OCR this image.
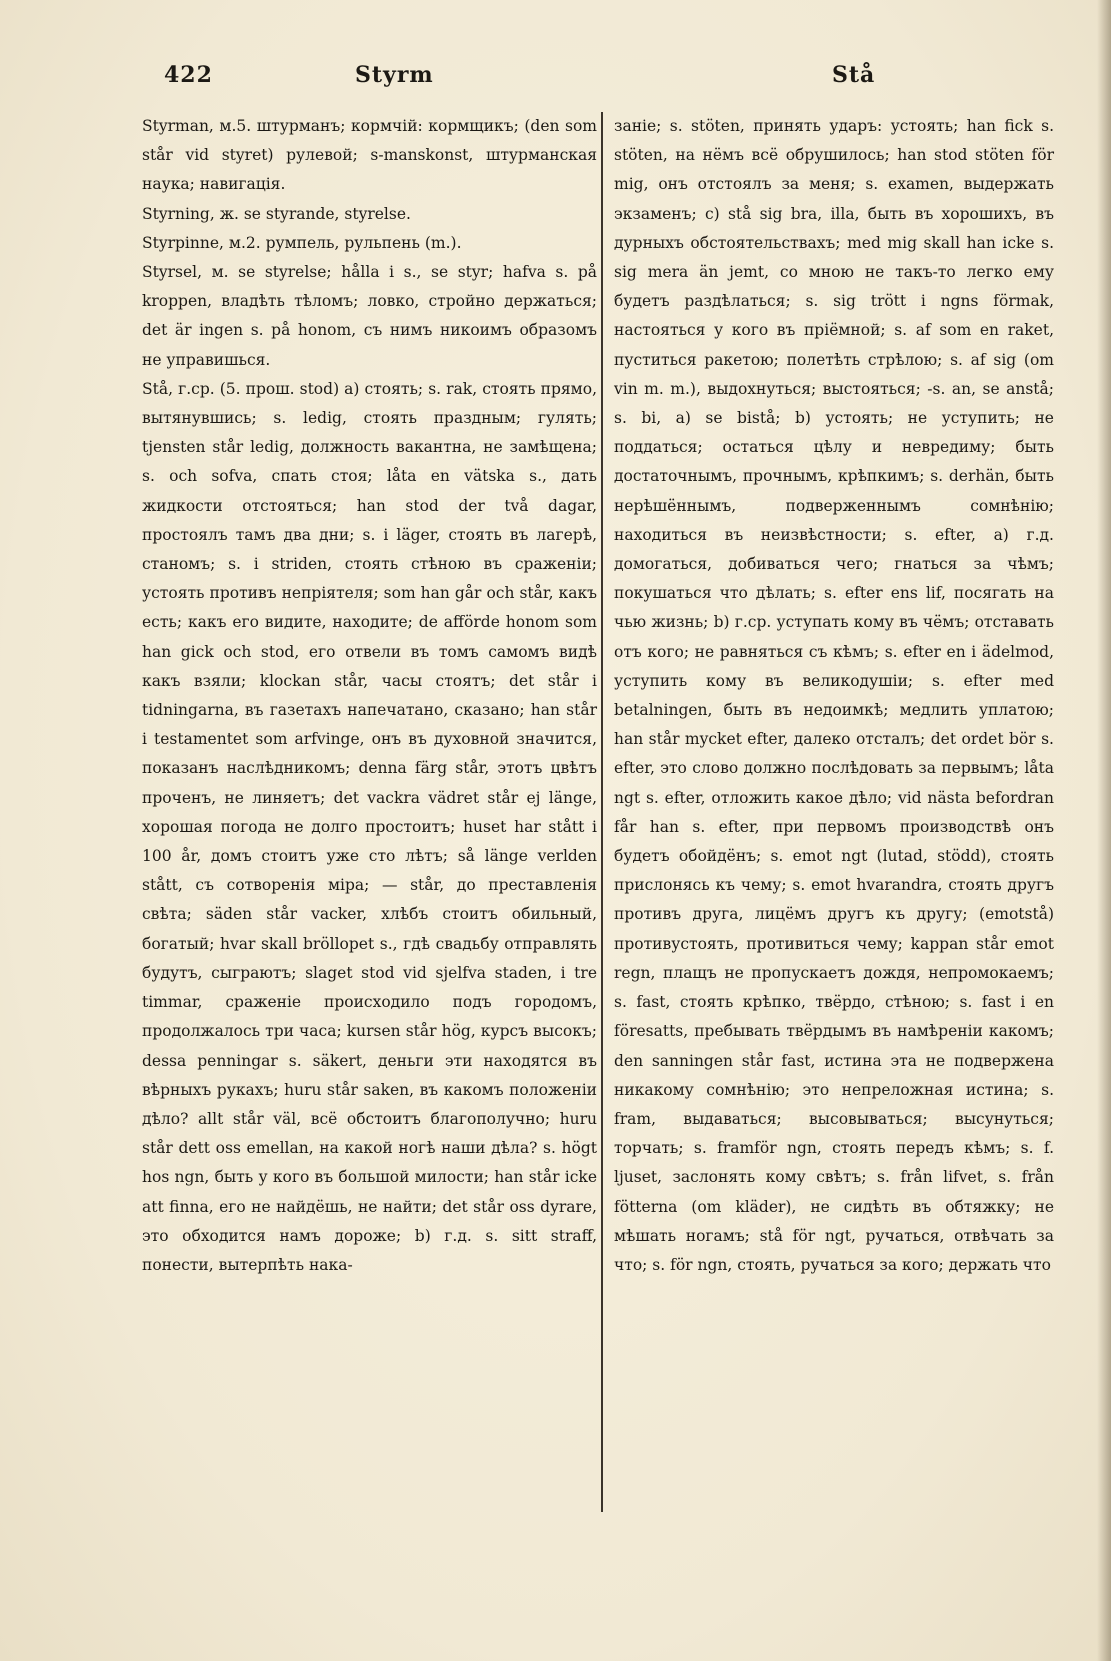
422	Styrm	Stå

Styrman, м.5. штурманъ; кормчій: кормщикъ; (den som står vid styret) рулевой; s-manskonst, штурманская наука; навигація.

Styrning, ж. se styrande, styrelse.

Styrpinne, м.2. румпель, рульпень (m.).

Styrsel, м. se styrelse; hålla i s., se styr; hafva s. på kroppen, владѣть тѣломъ; ловко, стройно держаться; det är ingen s. på honom, съ нимъ никоимъ образомъ не управишься.

Stå, г.ср. (5. прош. stod) a) стоять; s. rak, стоять прямо, вытянувшись; s. ledig, стоять праздным; гулять; tjensten står ledig, должность вакантна, не замѣщена; s. och sofva, спать стоя; låta en vätska s., дать жидкости отстояться; han stod der två dagar, простоялъ тамъ два дни; s. i läger, стоять въ лагерѣ, станомъ; s. i striden, стоять стѣною въ сраженіи; устоять противъ непріятеля; som han går och står, какъ есть; какъ его видите, находите; de afförde honom som han gick och stod, его отвели въ томъ самомъ видѣ какъ взяли; klockan står, часы стоятъ; det står i tidningarna, въ газетахъ напечатано, сказано; han står i testamentet som arfvinge, онъ въ духовной значится, показанъ наслѣдникомъ; denna färg står, этотъ цвѣтъ проченъ, не линяетъ; det vackra vädret står ej länge, хорошая погода не долго простоитъ; huset har stått i 100 år, домъ стоитъ уже сто лѣтъ; så länge verlden stått, съ сотворенія міра; — står, до преставленія свѣта; säden står vacker, хлѣбъ стоитъ обильный, богатый; hvar skall bröllopet s., гдѣ свадьбу отправлять будутъ, сыграютъ; slaget stod vid sjelfva staden, i tre timmar, сраженіе происходило подъ городомъ, продолжалось три часа; kursen står hög, курсъ высокъ; dessa penningar s. säkert, деньги эти находятся въ вѣрныхъ рукахъ; huru står saken, въ какомъ положеніи дѣло? allt står väl, всё обстоитъ благополучно; huru står dett oss emellan, на какой ногѣ наши дѣла? s. högt hos ngn, быть у кого въ большой милости; han står icke att finna, его не найдёшь, не найти; det står oss dyrare, это обходится намъ дороже; b) г.д. s. sitt straff, понести, вытерпѣть нака-

заніе; s. stöten, принять ударъ: устоять; han fick s. stöten, на нёмъ всё обрушилось; han stod stöten för mig, онъ отстоялъ за меня; s. examen, выдержать экзаменъ; c) stå sig bra, illa, быть въ хорошихъ, въ дурныхъ обстоятельствахъ; med mig skall han icke s. sig mera än jemt, со мною не такъ-то легко ему будетъ раздѣлаться; s. sig trött i ngns förmak, настояться у кого въ пріёмной; s. af som en raket, пуститься ракетою; полетѣть стрѣлою; s. af sig (om vin m. m.), выдохнуться; выстояться; -s. an, se anstå; s. bi, a) se bistå; b) устоять; не уступить; не поддаться; остаться цѣлу и невредиму; быть достаточнымъ, прочнымъ, крѣпкимъ; s. derhän, быть нерѣшённымъ, подверженнымъ сомнѣнію; находиться въ неизвѣстности; s. efter, a) г.д. домогаться, добиваться чего; гнаться за чѣмъ; покушаться что дѣлать; s. efter ens lif, посягать на чью жизнь; b) г.ср. уступать кому въ чёмъ; отставать отъ кого; не равняться съ кѣмъ; s. efter en i ädelmod, уступить кому въ великодушіи; s. efter med betalningen, быть въ недоимкѣ; медлить уплатою; han står mycket efter, далеко отсталъ; det ordet bör s. efter, это слово должно послѣдовать за первымъ; låta ngt s. efter, отложить какое дѣло; vid nästa befordran får han s. efter, при первомъ производствѣ онъ будетъ обойдёнъ; s. emot ngt (lutad, stödd), стоять прислонясь къ чему; s. emot hvarandra, стоять другъ противъ друга, лицёмъ другъ къ другу; (emotstå) противустоять, противиться чему; kappan står emot regn, плащъ не пропускаетъ дождя, непромокаемъ; s. fast, стоять крѣпко, твёрдо, стѣною; s. fast i en föresatts, пребывать твёрдымъ въ намѣреніи какомъ; den sanningen står fast, истина эта не подвержена никакому сомнѣнію; это непреложная истина; s. fram, выдаваться; высовываться; высунуться; торчать; s. framför ngn, стоять передъ кѣмъ; s. f. ljuset, заслонять кому свѣтъ; s. från lifvet, s. från fötterna (om kläder), не сидѣть въ обтяжку; не мѣшать ногамъ; stå för ngt, ручаться, отвѣчать за что; s. för ngn, стоять, ручаться за кого; держать что
